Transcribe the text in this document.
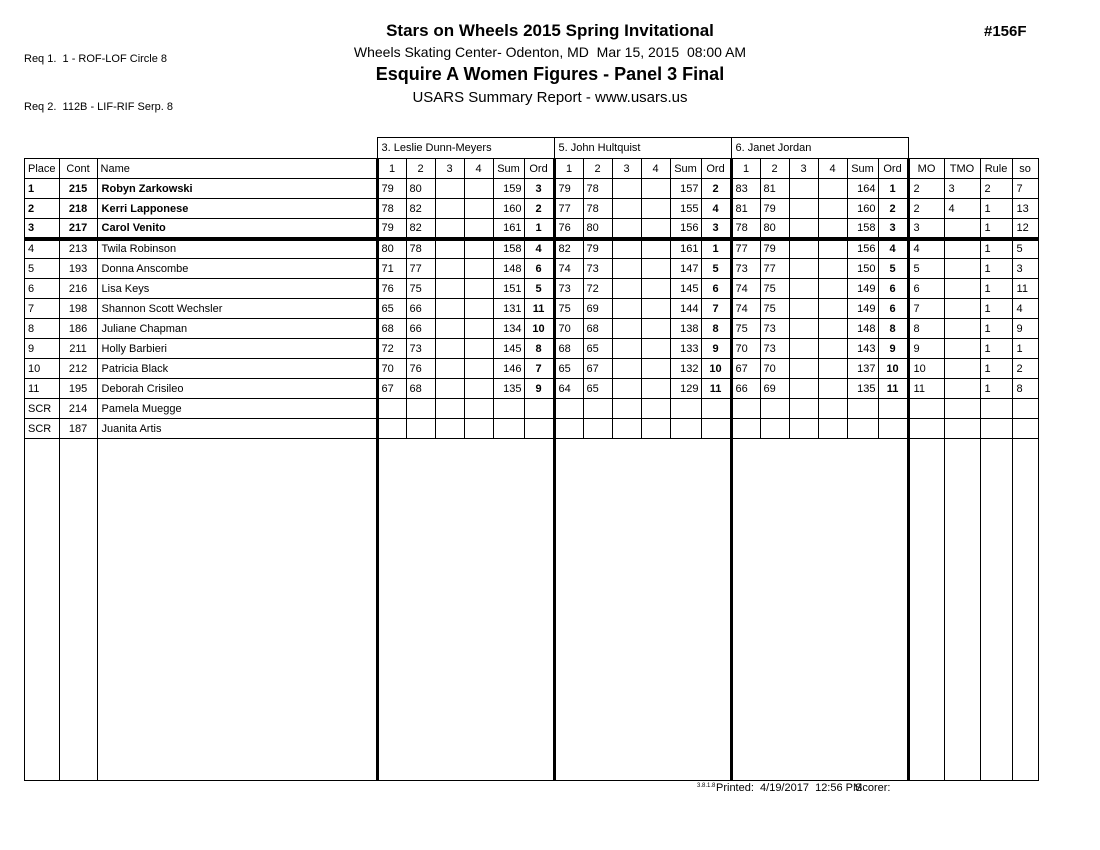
Req 1.  1 - ROF-LOF Circle 8

Req 2.  112B - LIF-RIF Serp. 8

#156F
Stars on Wheels 2015 Spring Invitational
Wheels Skating Center- Odenton, MD  Mar 15, 2015  08:00 AM
Esquire A Women Figures - Panel 3 Final
USARS Summary Report - www.usars.us
			3. Leslie Dunn-Meyers						5. John Hultquist						6. Janet Jordan									
Place	Cont	Name	1	2	3	4	Sum	Ord	1	2	3	4	Sum	Ord	1	2	3	4	Sum	Ord	MO	TMO	Rule	so
1	215	Robyn Zarkowski	79	80			159	3	79	78			157	2	83	81			164	1	2	3	2	7
2	218	Kerri Lapponese	78	82			160	2	77	78			155	4	81	79			160	2	2	4	1	13
3	217	Carol Venito	79	82			161	1	76	80			156	3	78	80			158	3	3		1	12
4	213	Twila Robinson	80	78			158	4	82	79			161	1	77	79			156	4	4		1	5
5	193	Donna Anscombe	71	77			148	6	74	73			147	5	73	77			150	5	5		1	3
6	216	Lisa Keys	76	75			151	5	73	72			145	6	74	75			149	6	6		1	11
7	198	Shannon Scott Wechsler	65	66			131	11	75	69			144	7	74	75			149	6	7		1	4
8	186	Juliane Chapman	68	66			134	10	70	68			138	8	75	73			148	8	8		1	9
9	211	Holly Barbieri	72	73			145	8	68	65			133	9	70	73			143	9	9		1	1
10	212	Patricia Black	70	76			146	7	65	67			132	10	67	70			137	10	10		1	2
11	195	Deborah Crisileo	67	68			135	9	64	65			129	11	66	69			135	11	11		1	8
SCR	214	Pamela Muegge																						
SCR	187	Juanita Artis																						

3.8.1.8 Printed:  4/19/2017  12:56 PM
Scorer:
